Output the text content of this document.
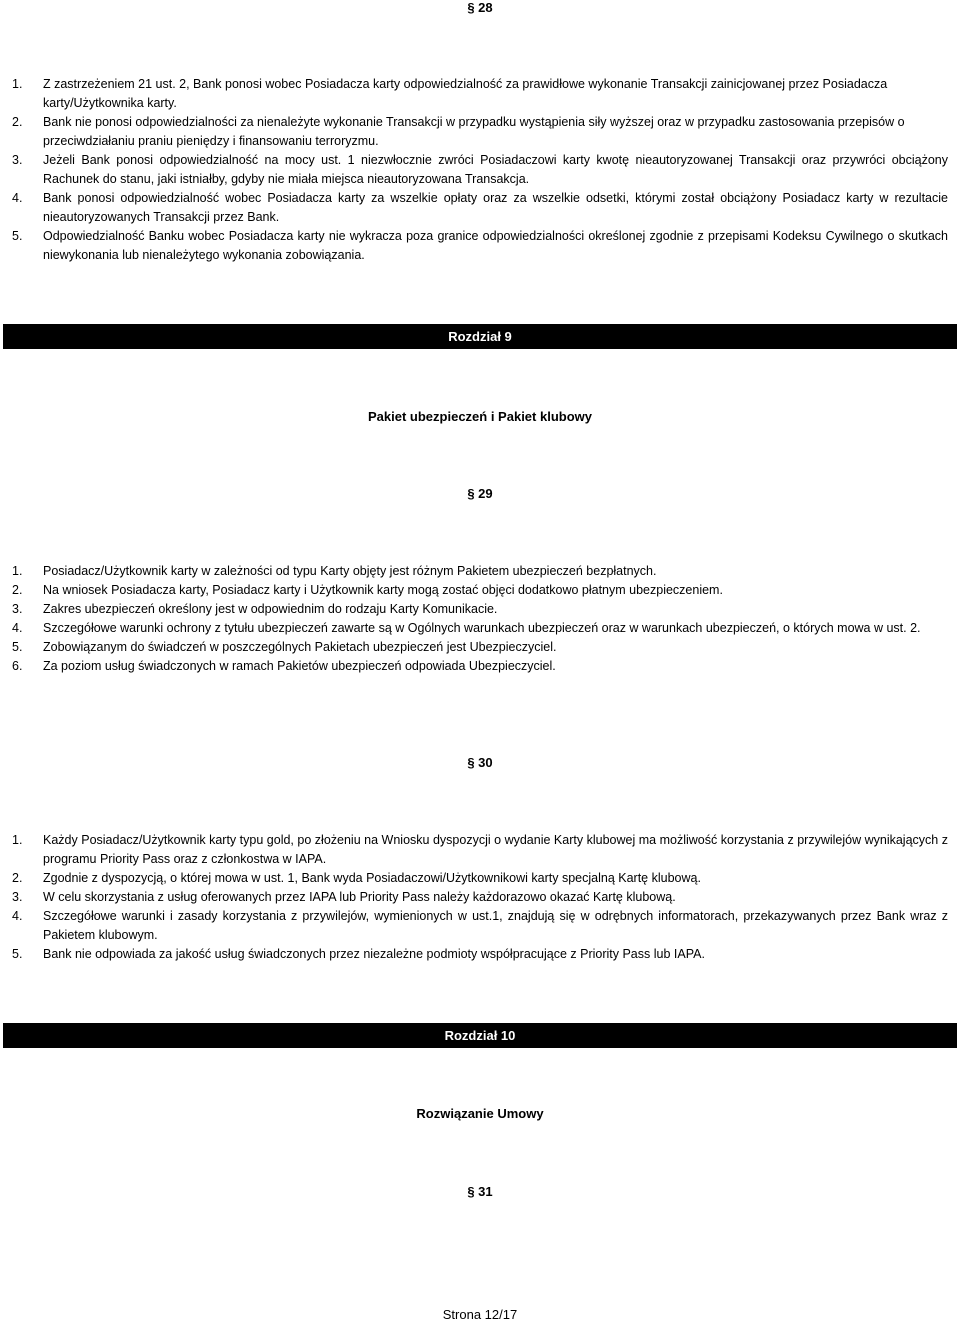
§ 28
1.	Z zastrzeżeniem 21 ust. 2, Bank ponosi wobec Posiadacza karty odpowiedzialność za prawidłowe wykonanie Transakcji zainicjowanej przez Posiadacza karty/Użytkownika karty.
2.	Bank nie ponosi odpowiedzialności za nienależyte wykonanie Transakcji w przypadku wystąpienia siły wyższej oraz w przypadku zastosowania przepisów o przeciwdziałaniu praniu pieniędzy i finansowaniu terroryzmu.
3.	Jeżeli Bank ponosi odpowiedzialność na mocy ust. 1 niezwłocznie zwróci Posiadaczowi karty kwotę nieautoryzowanej Transakcji oraz przywróci obciążony Rachunek do stanu, jaki istniałby, gdyby nie miała miejsca nieautoryzowana Transakcja.
4.	Bank ponosi odpowiedzialność wobec Posiadacza karty za wszelkie opłaty oraz za wszelkie odsetki, którymi został obciążony Posiadacz karty w rezultacie nieautoryzowanych Transakcji przez Bank.
5.	Odpowiedzialność Banku wobec Posiadacza karty nie wykracza poza granice odpowiedzialności określonej zgodnie z przepisami Kodeksu Cywilnego o skutkach niewykonania lub nienależytego wykonania zobowiązania.
Rozdział 9
Pakiet ubezpieczeń i Pakiet klubowy
§ 29
1.	Posiadacz/Użytkownik karty w zależności od typu Karty objęty jest różnym Pakietem ubezpieczeń bezpłatnych.
2.	Na wniosek Posiadacza karty, Posiadacz karty i Użytkownik karty mogą zostać objęci dodatkowo płatnym ubezpieczeniem.
3.	Zakres ubezpieczeń określony jest w odpowiednim do rodzaju Karty Komunikacie.
4.	Szczegółowe warunki ochrony z tytułu ubezpieczeń zawarte są w Ogólnych warunkach ubezpieczeń oraz w warunkach ubezpieczeń, o których mowa w ust. 2.
5.	Zobowiązanym do świadczeń w poszczególnych Pakietach ubezpieczeń jest Ubezpieczyciel.
6.	Za poziom usług świadczonych w ramach Pakietów ubezpieczeń odpowiada Ubezpieczyciel.
§ 30
1.	Każdy Posiadacz/Użytkownik karty typu gold, po złożeniu na Wniosku dyspozycji o wydanie Karty klubowej ma możliwość korzystania z przywilejów wynikających z programu Priority Pass oraz z członkostwa w IAPA.
2.	Zgodnie z dyspozycją, o której mowa w ust. 1, Bank wyda Posiadaczowi/Użytkownikowi karty specjalną Kartę klubową.
3.	W celu skorzystania z usług oferowanych przez IAPA lub Priority Pass należy każdorazowo okazać Kartę klubową.
4.	Szczegółowe warunki i zasady korzystania z przywilejów, wymienionych w ust.1, znajdują się w odrębnych informatorach, przekazywanych przez Bank wraz z Pakietem klubowym.
5.	Bank nie odpowiada za jakość usług świadczonych przez niezależne podmioty współpracujące z Priority Pass lub IAPA.
Rozdział 10
Rozwiązanie Umowy
§ 31
Strona 12/17
